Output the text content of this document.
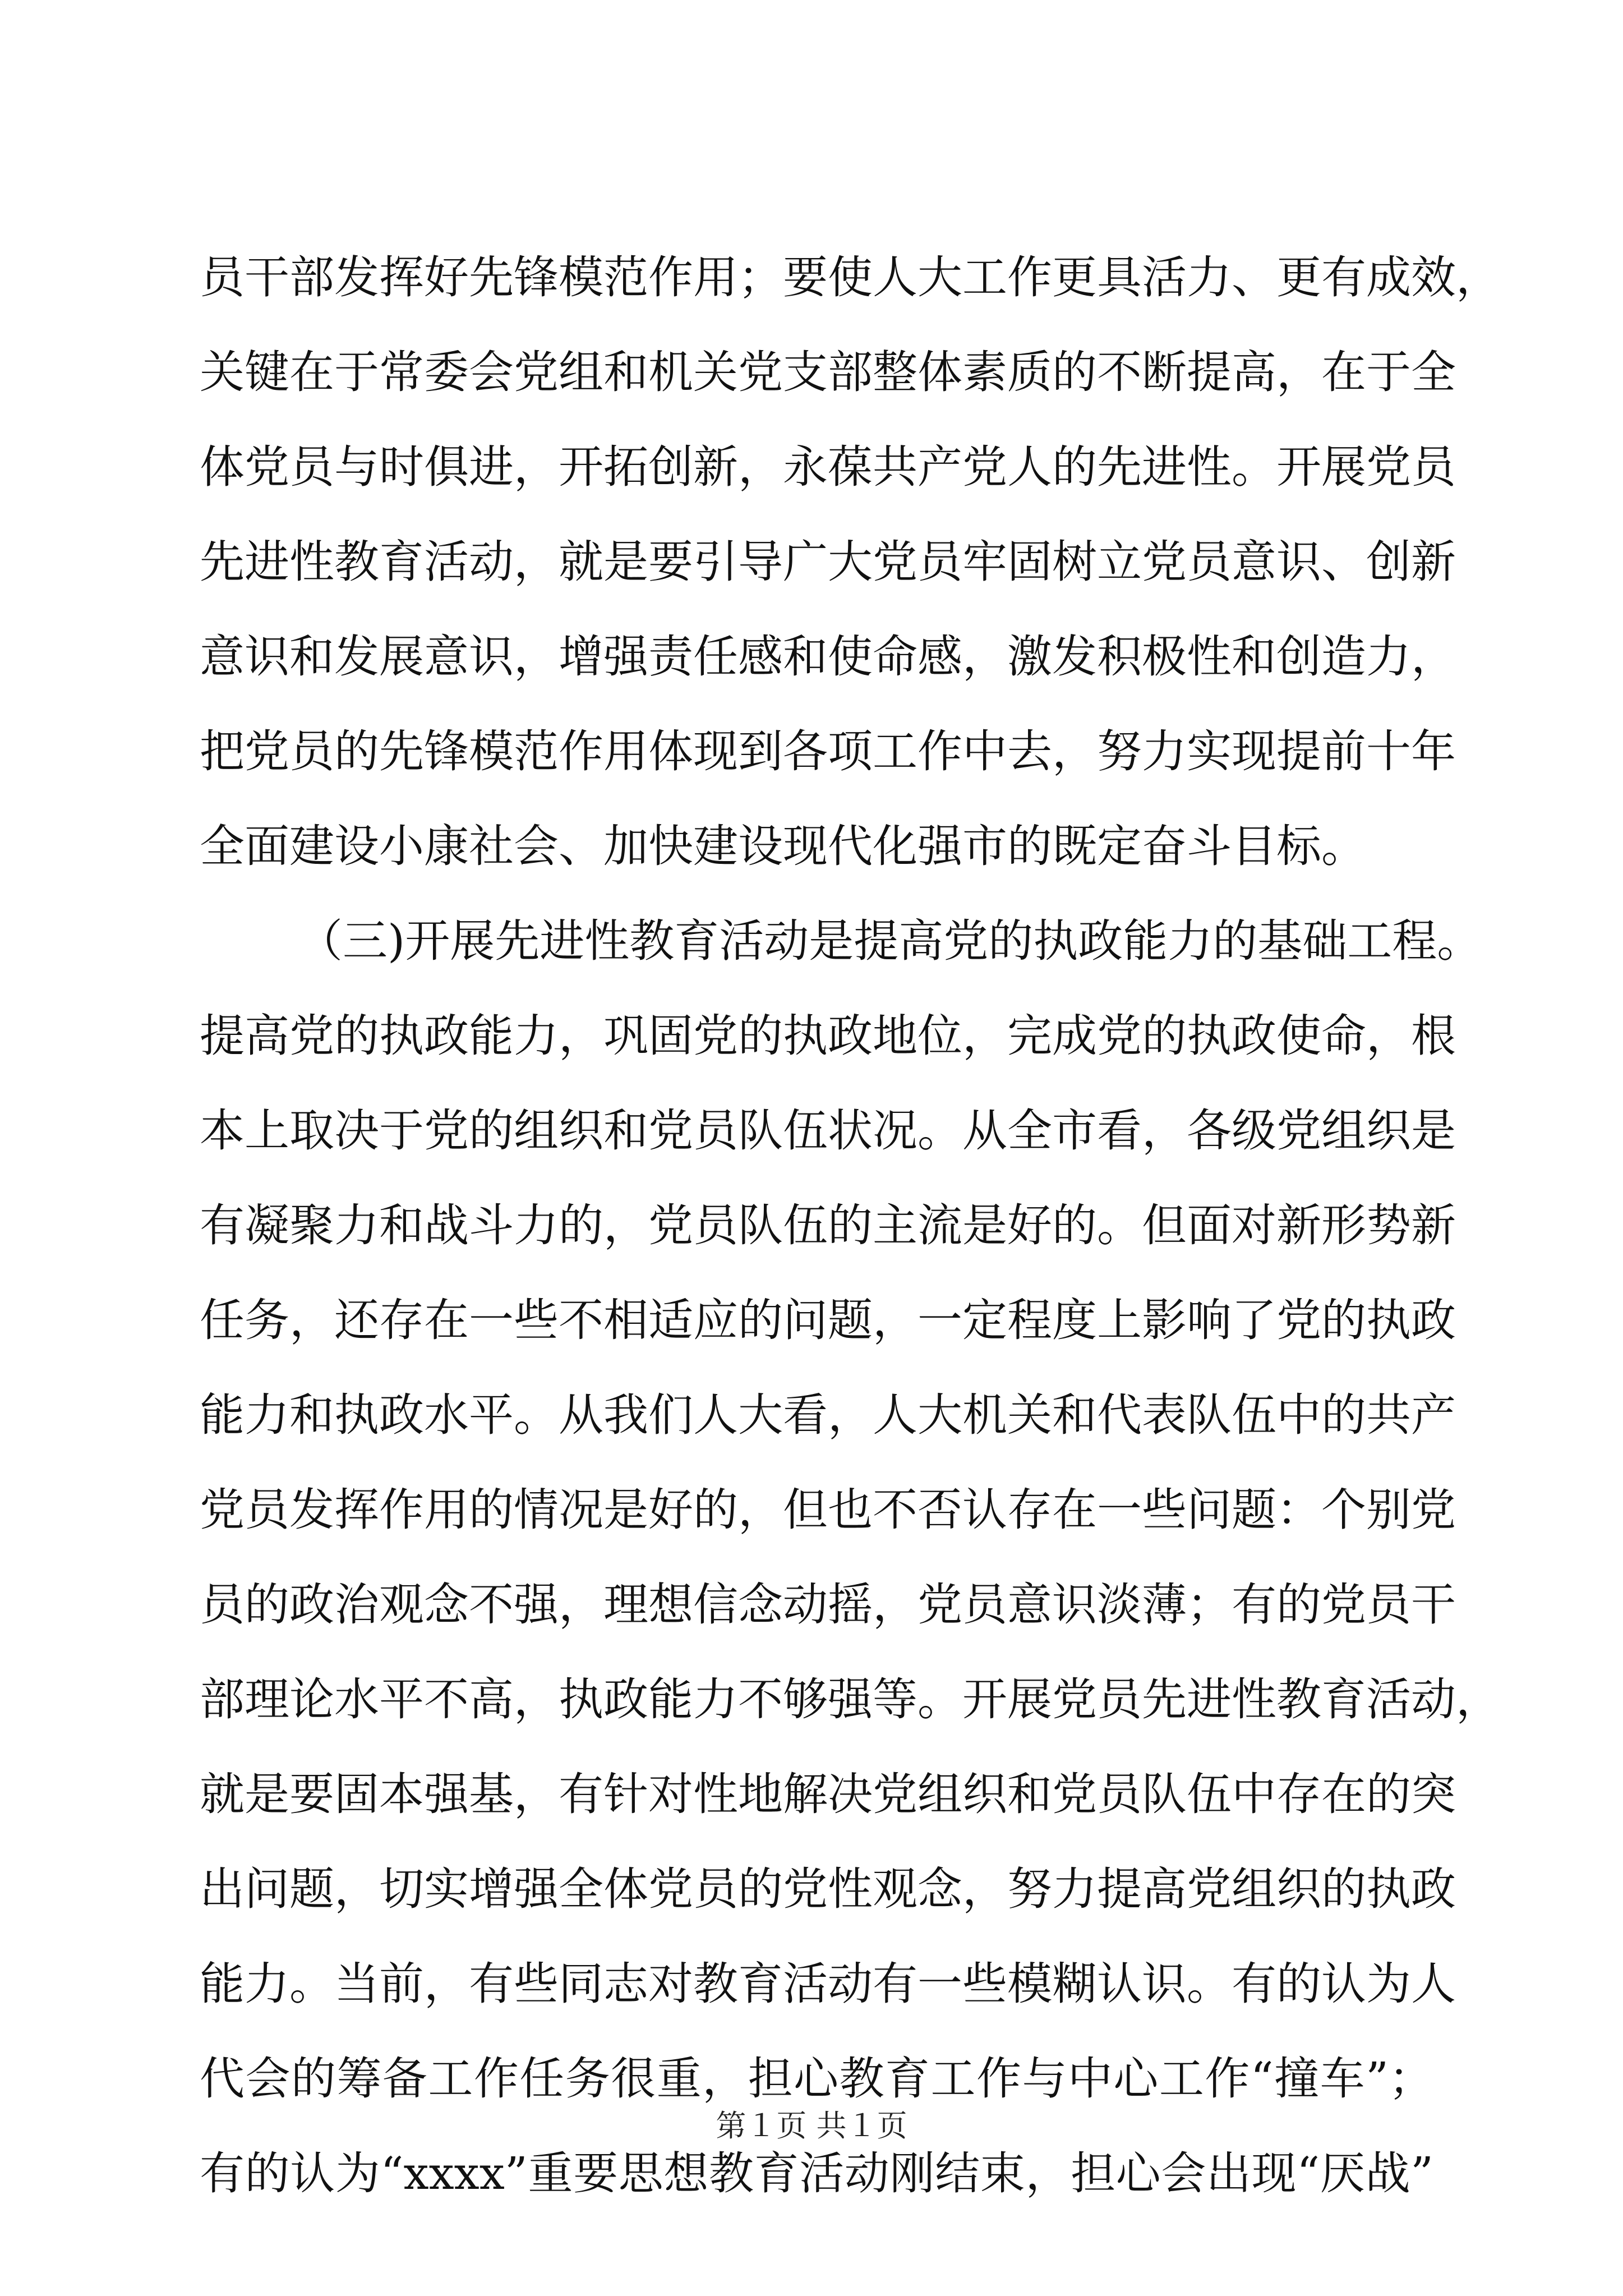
员干部发挥好先锋模范作用；要使人大工作更具活力、更有成效，
关键在于常委会党组和机关党支部整体素质的不断提高，在于全
体党员与时俱进，开拓创新，永葆共产党人的先进性。开展党员
先进性教育活动，就是要引导广大党员牢固树立党员意识、创新
意识和发展意识，增强责任感和使命感，激发积极性和创造力，
把党员的先锋模范作用体现到各项工作中去，努力实现提前十年
全面建设小康社会、加快建设现代化强市的既定奋斗目标。
（三)开展先进性教育活动是提高党的执政能力的基础工程。
提高党的执政能力，巩固党的执政地位，完成党的执政使命，根
本上取决于党的组织和党员队伍状况。从全市看，各级党组织是
有凝聚力和战斗力的，党员队伍的主流是好的。但面对新形势新
任务，还存在一些不相适应的问题，一定程度上影响了党的执政
能力和执政水平。从我们人大看，人大机关和代表队伍中的共产
党员发挥作用的情况是好的，但也不否认存在一些问题：个别党
员的政治观念不强，理想信念动摇，党员意识淡薄；有的党员干
部理论水平不高，执政能力不够强等。开展党员先进性教育活动，
就是要固本强基，有针对性地解决党组织和党员队伍中存在的突
出问题，切实增强全体党员的党性观念，努力提高党组织的执政
能力。当前，有些同志对教育活动有一些模糊认识。有的认为人
代会的筹备工作任务很重，担心教育工作与中心工作“撞车”；
有的认为“xxxx”重要思想教育活动刚结束，担心会出现“厌战”
第１页 共１页
